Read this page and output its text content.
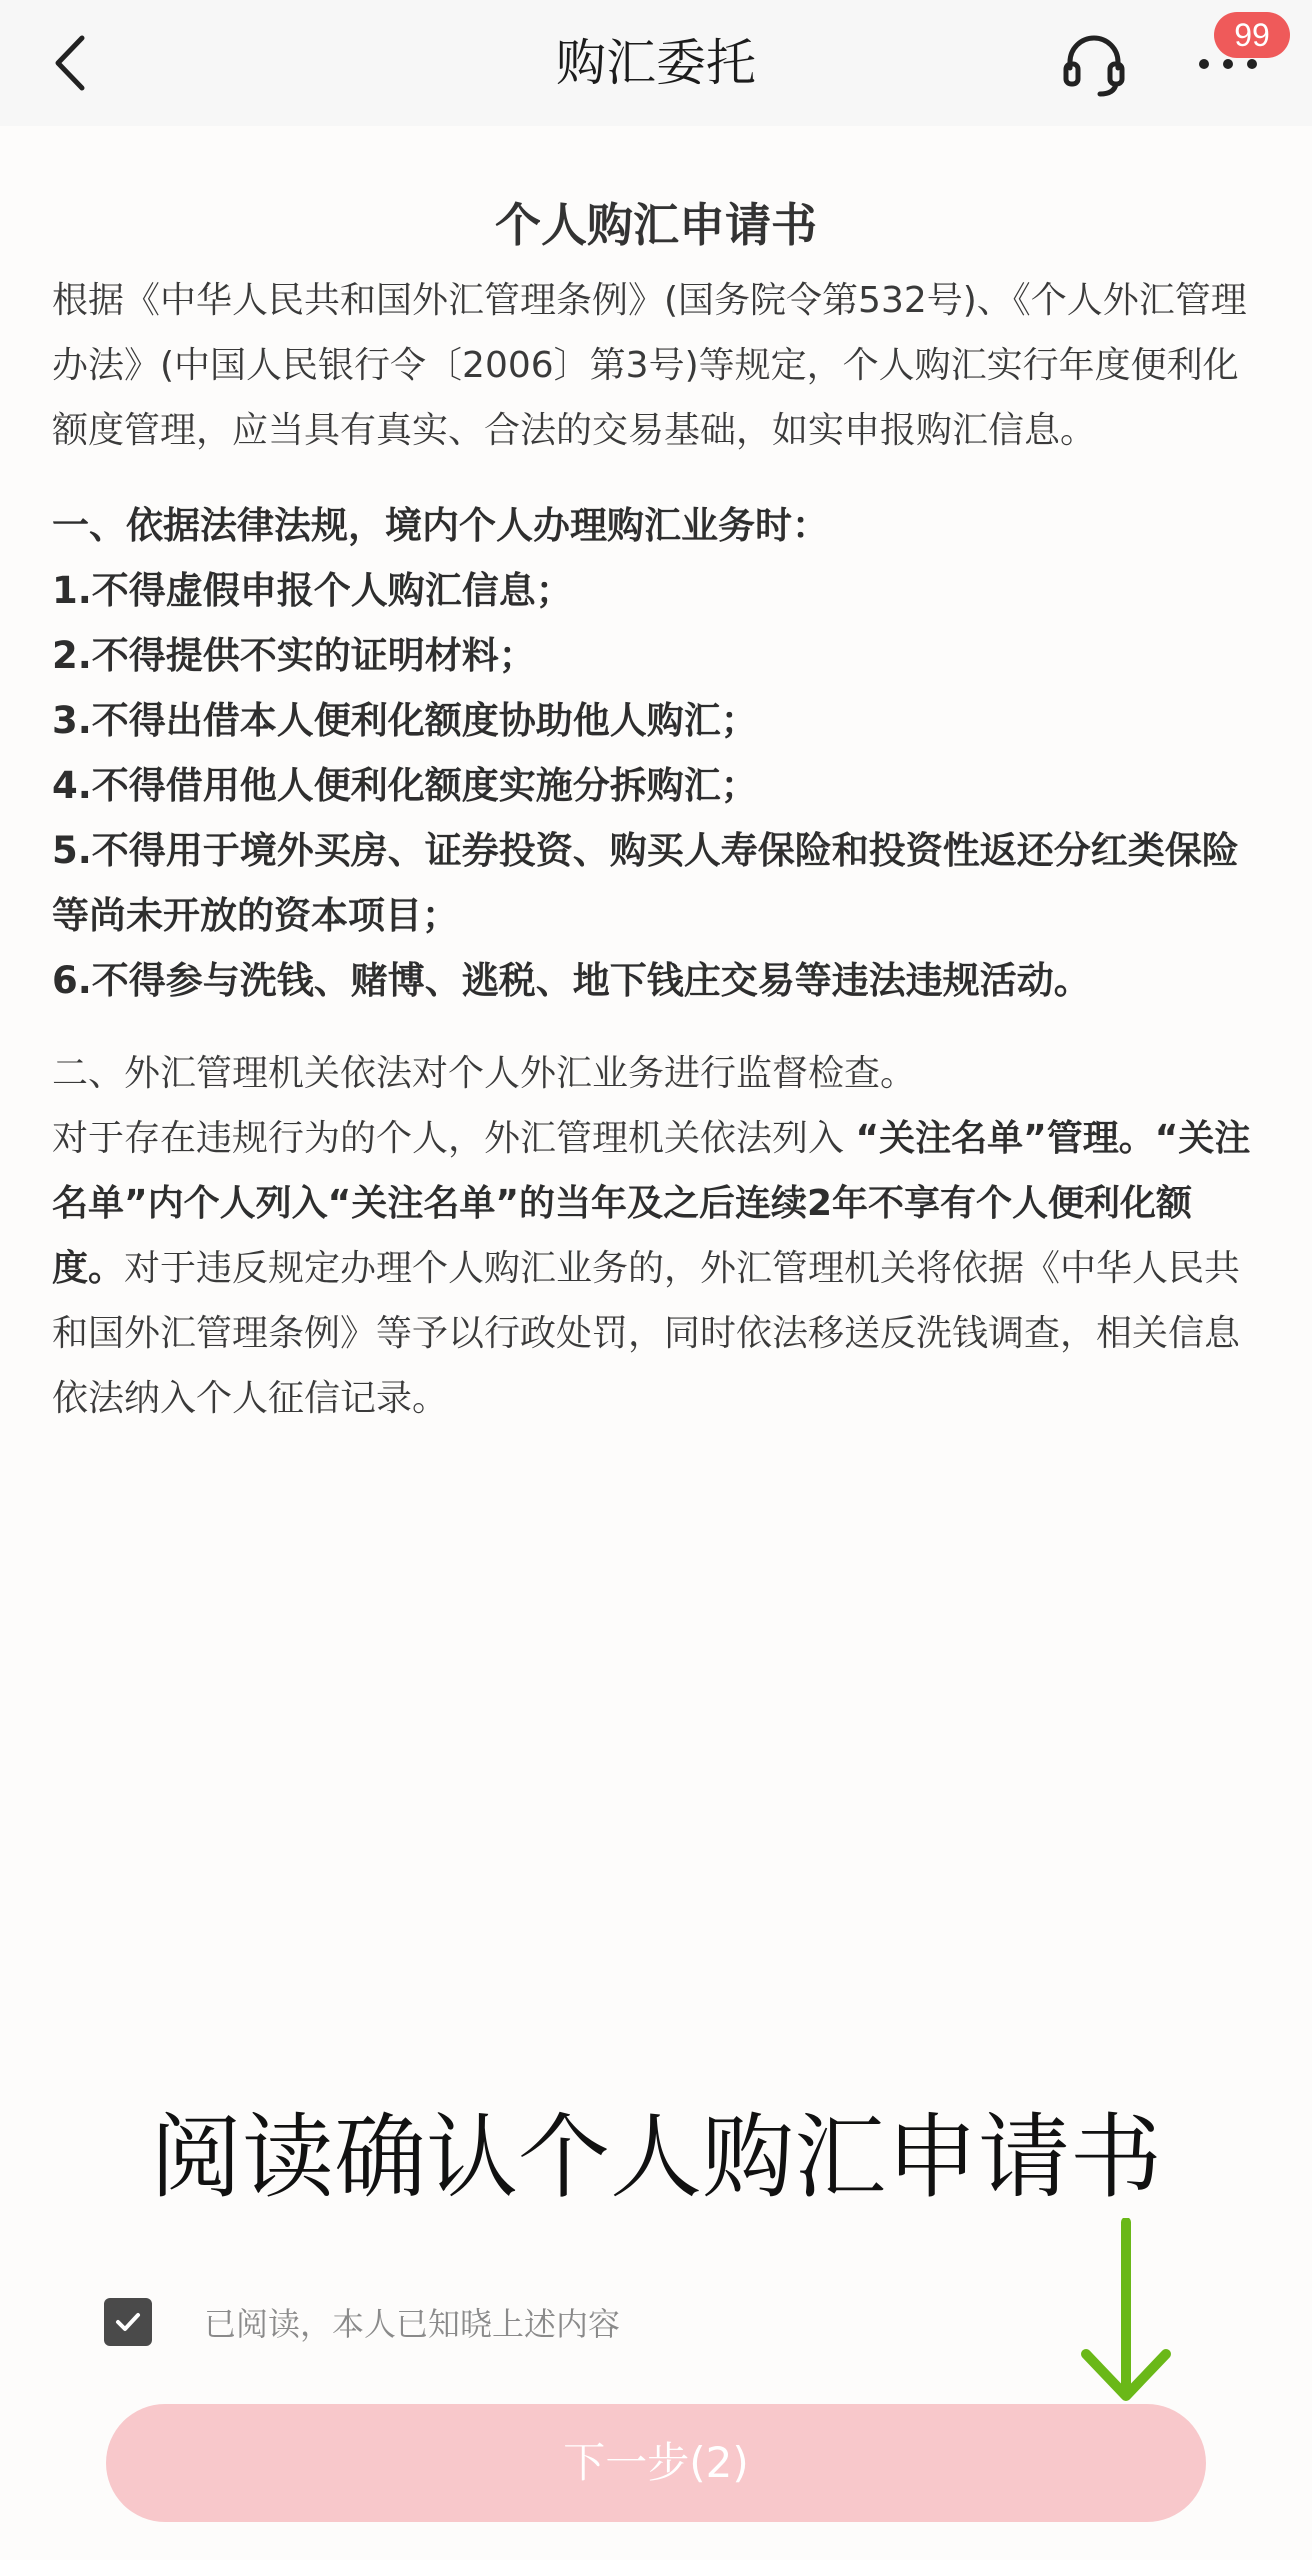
购汇委托	99
个人购汇申请书

根据《中华人民共和国外汇管理条例》(国务院令第532号)、《个人外汇管理办法》(中国人民银行令〔2006〕第3号)等规定，个人购汇实行年度便利化额度管理，应当具有真实、合法的交易基础，如实申报购汇信息。

一、依据法律法规，境内个人办理购汇业务时：
1.不得虚假申报个人购汇信息；
2.不得提供不实的证明材料；
3.不得出借本人便利化额度协助他人购汇；
4.不得借用他人便利化额度实施分拆购汇；
5.不得用于境外买房、证券投资、购买人寿保险和投资性返还分红类保险等尚未开放的资本项目；
6.不得参与洗钱、赌博、逃税、地下钱庄交易等违法违规活动。
二、外汇管理机关依法对个人外汇业务进行监督检查。

对于存在违规行为的个人，外汇管理机关依法列入 “关注名单”管理。“关注名单”内个人列入“关注名单”的当年及之后连续2年不享有个人便利化额度。对于违反规定办理个人购汇业务的，外汇管理机关将依据《中华人民共和国外汇管理条例》等予以行政处罚，同时依法移送反洗钱调查，相关信息依法纳入个人征信记录。

阅读确认个人购汇申请书
已阅读，本人已知晓上述内容
下一步(2)
